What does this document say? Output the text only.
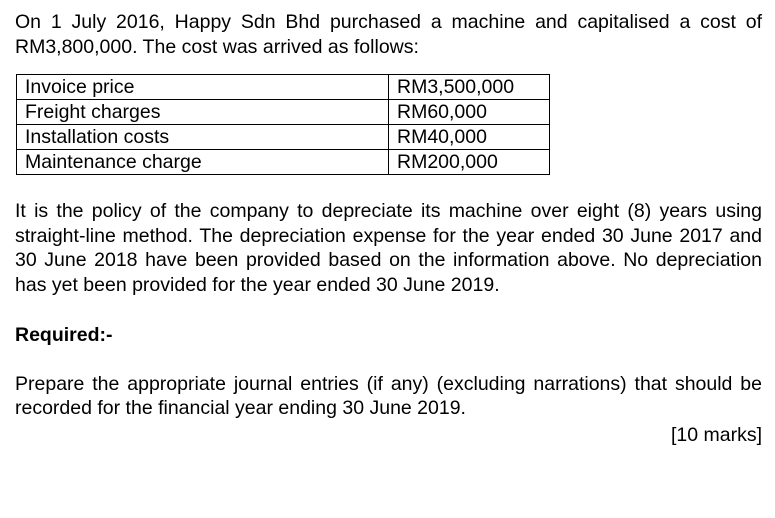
On 1 July 2016, Happy Sdn Bhd purchased a machine and capitalised a cost of RM3,800,000. The cost was arrived as follows:

Invoice price	RM3,500,000
Freight charges	RM60,000
Installation costs	RM40,000
Maintenance charge	RM200,000

It is the policy of the company to depreciate its machine over eight (8) years using straight-line method. The depreciation expense for the year ended 30 June 2017 and 30 June 2018 have been provided based on the information above. No depreciation has yet been provided for the year ended 30 June 2019.

Required:-

Prepare the appropriate journal entries (if any) (excluding narrations) that should be recorded for the financial year ending 30 June 2019.

[10 marks]
